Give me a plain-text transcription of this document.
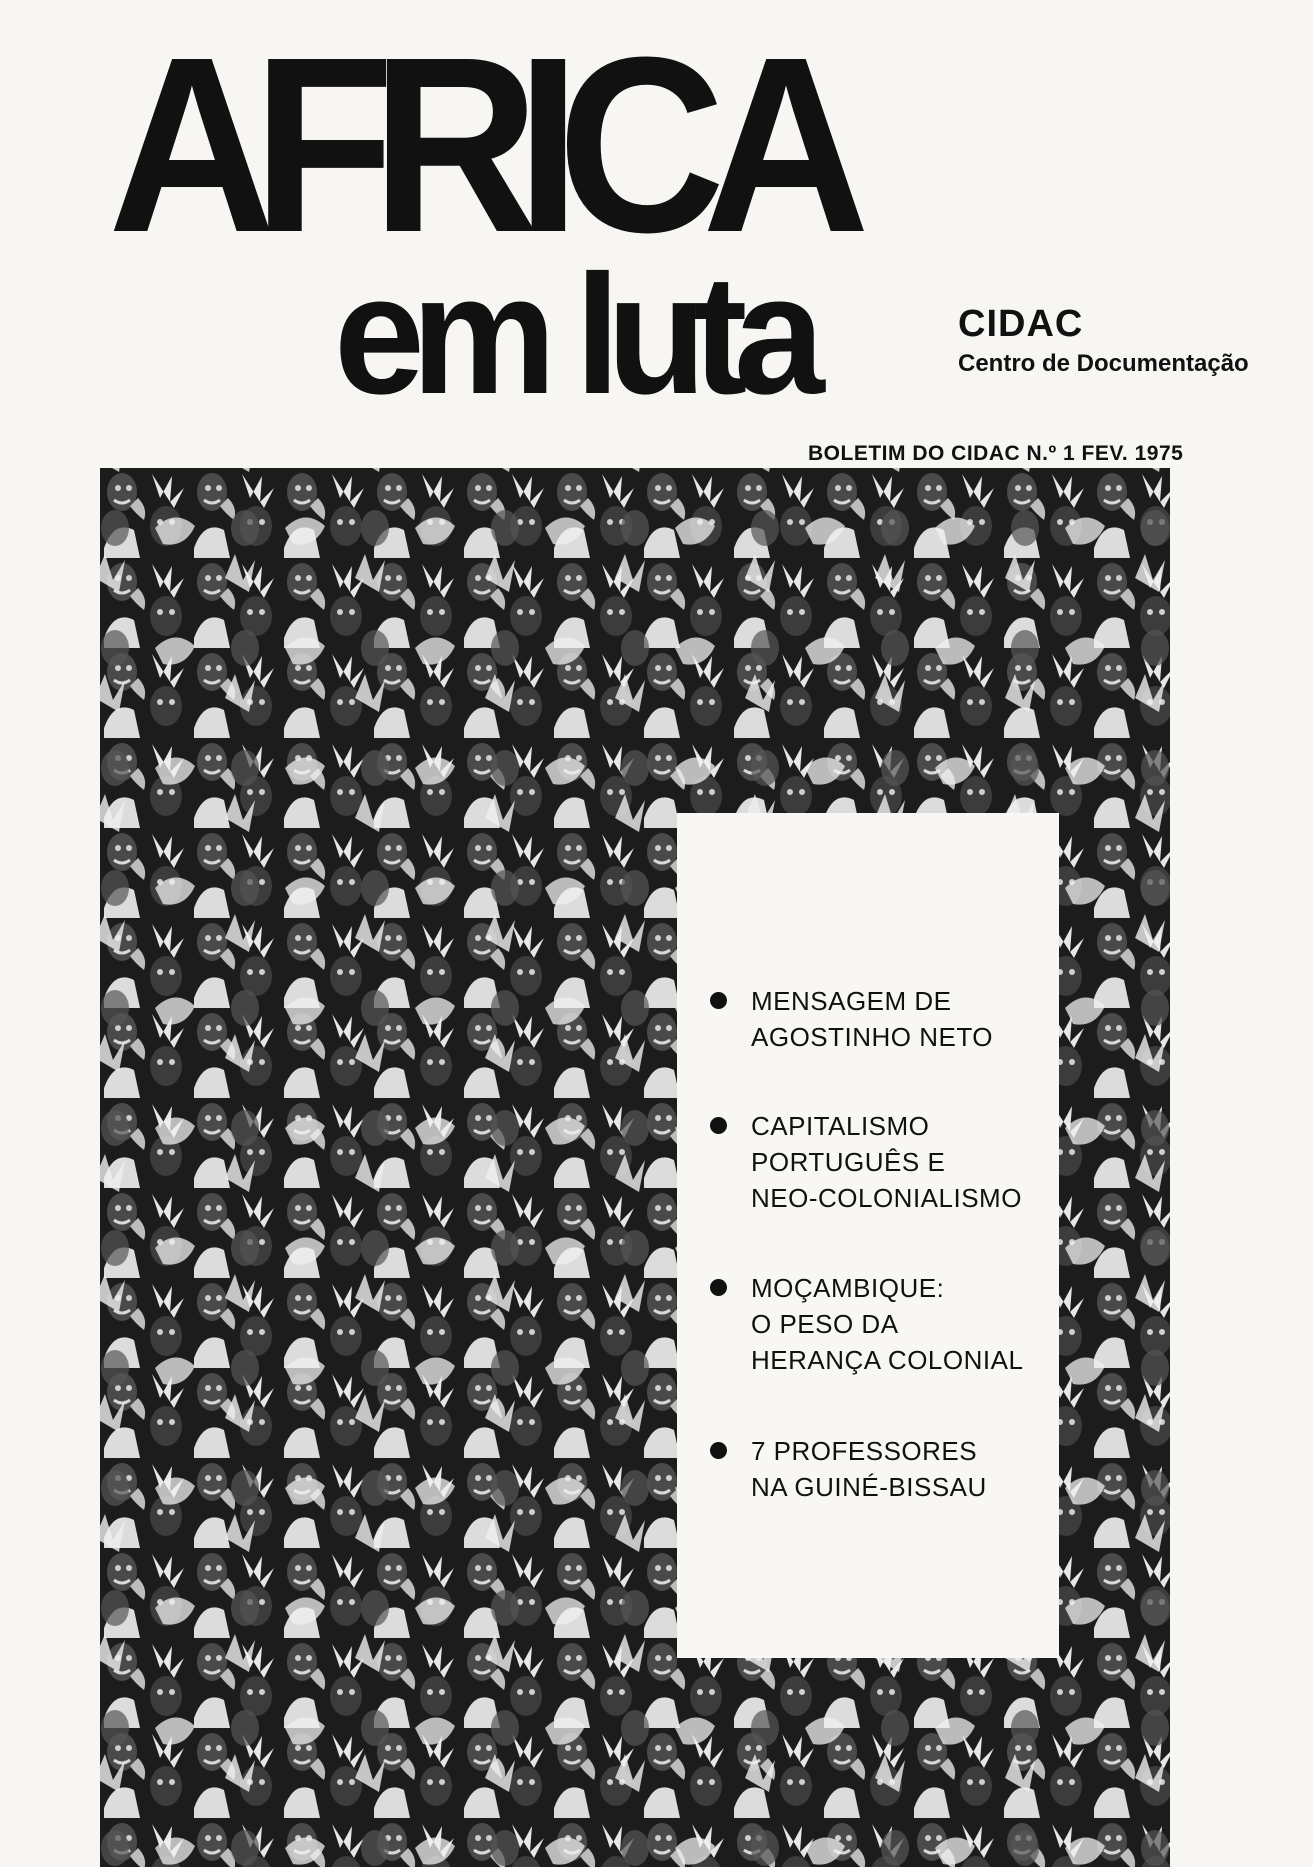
AFRICA
em luta	CIDAC
Centro de Documentação
BOLETIM DO CIDAC N.º 1 FEV. 1975
MENSAGEM DE
AGOSTINHO NETO
CAPITALISMO
PORTUGUÊS E
NEO-COLONIALISMO
MOÇAMBIQUE:
O PESO DA
HERANÇA COLONIAL
7 PROFESSORES
NA GUINÉ-BISSAU
